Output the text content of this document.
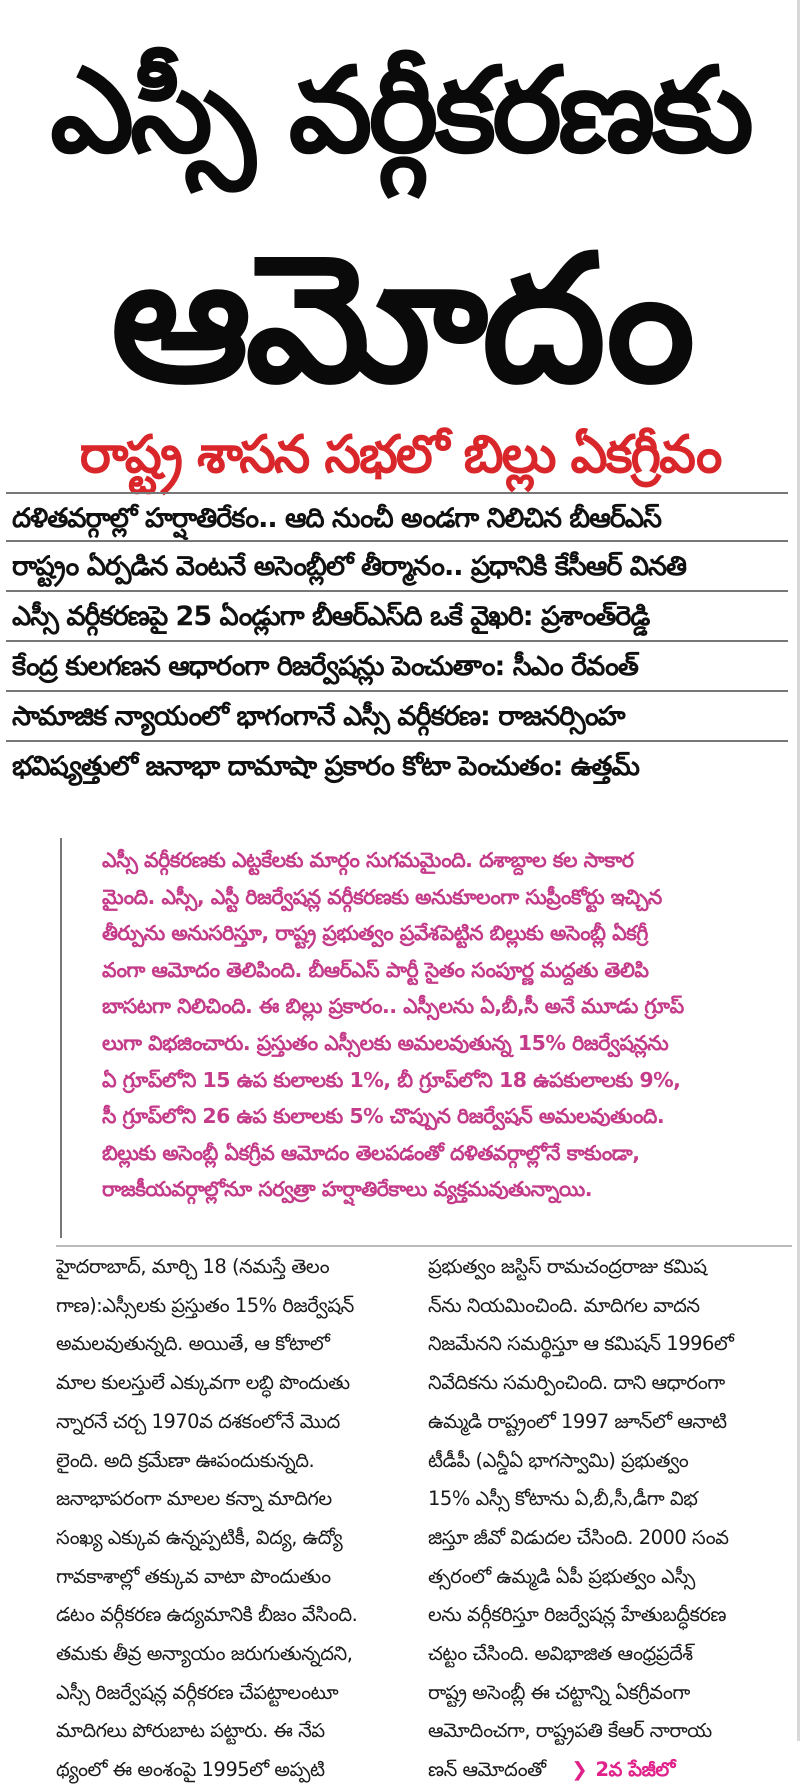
ఎస్సీ వర్గీకరణకు
ఆమోదం
రాష్ట్ర శాసన సభలో బిల్లు ఏకగ్రీవం
దళితవర్గాల్లో హర్షాతిరేకం.. ఆది నుంచీ అండగా నిలిచిన బీఆర్ఎస్
రాష్ట్రం ఏర్పడిన వెంటనే అసెంబ్లీలో తీర్మానం.. ప్రధానికి కేసీఆర్ వినతి
ఎస్సీ వర్గీకరణపై 25 ఏండ్లుగా బీఆర్ఎస్‌ది ఒకే వైఖరి: ప్రశాంత్‌రెడ్డి
కేంద్ర కులగణన ఆధారంగా రిజర్వేషన్లు పెంచుతాం: సీఎం రేవంత్
సామాజిక న్యాయంలో భాగంగానే ఎస్సీ వర్గీకరణ: రాజనర్సింహ
భవిష్యత్తులో జనాభా దామాషా ప్రకారం కోటా పెంచుతం: ఉత్తమ్
ఎస్సీ వర్గీకరణకు ఎట్టకేలకు మార్గం సుగమమైంది. దశాబ్దాల కల సాకార
మైంది. ఎస్సీ, ఎస్టీ రిజర్వేషన్ల వర్గీకరణకు అనుకూలంగా సుప్రీంకోర్టు ఇచ్చిన
తీర్పును అనుసరిస్తూ, రాష్ట్ర ప్రభుత్వం ప్రవేశపెట్టిన బిల్లుకు అసెంబ్లీ ఏకగ్రీ
వంగా ఆమోదం తెలిపింది. బీఆర్ఎస్ పార్టీ సైతం సంపూర్ణ మద్దతు తెలిపి
బాసటగా నిలిచింది. ఈ బిల్లు ప్రకారం.. ఎస్సీలను ఏ,బీ,సీ అనే మూడు గ్రూప్
లుగా విభజించారు. ప్రస్తుతం ఎస్సీలకు అమలవుతున్న 15% రిజర్వేషన్లను
ఏ గ్రూప్‌లోని 15 ఉప కులాలకు 1%, బీ గ్రూప్‌లోని 18 ఉపకులాలకు 9%,
సీ గ్రూప్‌లోని 26 ఉప కులాలకు 5% చొప్పున రిజర్వేషన్ అమలవుతుంది.
బిల్లుకు అసెంబ్లీ ఏకగ్రీవ ఆమోదం తెలపడంతో దళితవర్గాల్లోనే కాకుండా,
రాజకీయవర్గాల్లోనూ సర్వత్రా హర్షాతిరేకాలు వ్యక్తమవుతున్నాయి.
హైదరాబాద్, మార్చి 18 (నమస్తే తెలం
గాణ):ఎస్సీలకు ప్రస్తుతం 15% రిజర్వేషన్
అమలవుతున్నది. అయితే, ఆ కోటాలో
మాల కులస్తులే ఎక్కువగా లబ్ధి పొందుతు
న్నారనే చర్చ 1970వ దశకంలోనే మొద
లైంది. అది క్రమేణా ఊపందుకున్నది.
జనాభాపరంగా మాలల కన్నా మాదిగల
సంఖ్య ఎక్కువ ఉన్నప్పటికీ, విద్య, ఉద్యో
గావకాశాల్లో తక్కువ వాటా పొందుతుం
డటం వర్గీకరణ ఉద్యమానికి బీజం వేసింది.
తమకు తీవ్ర అన్యాయం జరుగుతున్నదని,
ఎస్సీ రిజర్వేషన్ల వర్గీకరణ చేపట్టాలంటూ
మాదిగలు పోరుబాట పట్టారు. ఈ నేప
థ్యంలో ఈ అంశంపై 1995లో అప్పటి
ప్రభుత్వం జస్టిస్ రామచంద్రరాజు కమిష
న్‌ను నియమించింది. మాదిగల వాదన
నిజమేనని సమర్థిస్తూ ఆ కమిషన్ 1996లో
నివేదికను సమర్పించింది. దాని ఆధారంగా
ఉమ్మడి రాష్ట్రంలో 1997 జూన్‌లో ఆనాటి
టీడీపీ (ఎన్డీఏ భాగస్వామి) ప్రభుత్వం
15% ఎస్సీ కోటాను ఏ,బీ,సీ,డీగా విభ
జిస్తూ జీవో విడుదల చేసింది. 2000 సంవ
త్సరంలో ఉమ్మడి ఏపీ ప్రభుత్వం ఎస్సీ
లను వర్గీకరిస్తూ రిజర్వేషన్ల హేతుబద్ధీకరణ
చట్టం చేసింది. అవిభాజిత ఆంధ్రప్రదేశ్
రాష్ట్ర అసెంబ్లీ ఈ చట్టాన్ని ఏకగ్రీవంగా
ఆమోదించగా, రాష్ట్రపతి కేఆర్ నారాయ
ణన్ ఆమోదంతో ❯ 2వ పేజీలో
